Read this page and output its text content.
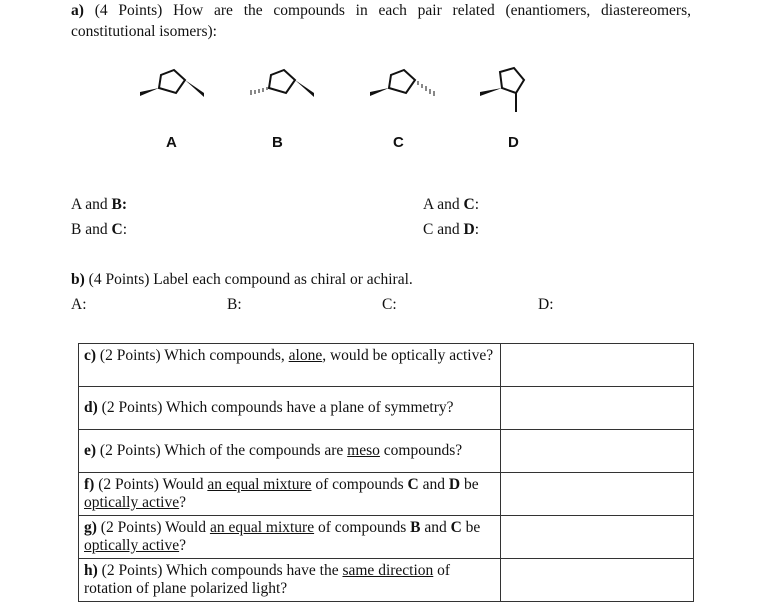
a) (4 Points) How are the compounds in each pair related (enantiomers, diastereomers, constitutional isomers):
A	B	C	D
A and B:
B and C:
A and C:
C and D:
b) (4 Points) Label each compound as chiral or achiral.
A:	B:	C:	D:
c) (2 Points) Which compounds, alone, would be optically active?	
d) (2 Points) Which compounds have a plane of symmetry?	
e) (2 Points) Which of the compounds are meso compounds?	
f) (2 Points) Would an equal mixture of compounds C and D be optically active?	
g) (2 Points) Would an equal mixture of compounds B and C be optically active?	
h) (2 Points) Which compounds have the same direction of rotation of plane polarized light?	
